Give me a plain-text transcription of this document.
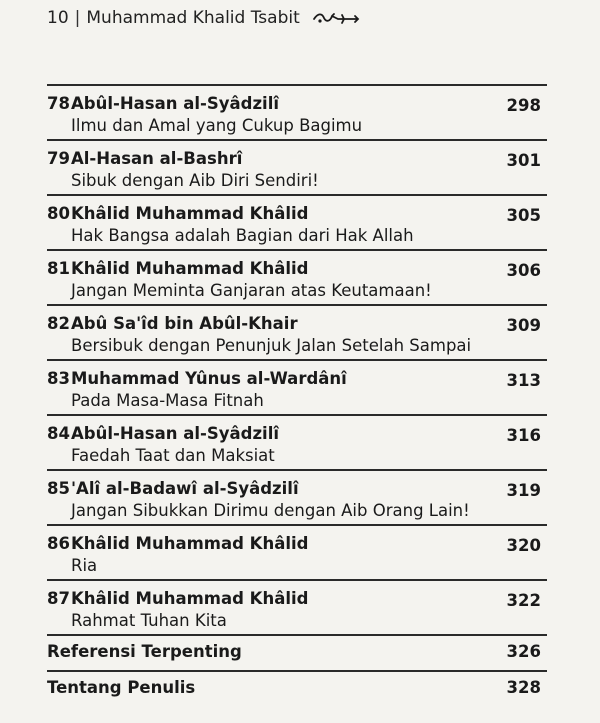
10 | Muhammad Khalid Tsabit
78Abûl-Hasan al-Syâdzilî
Ilmu dan Amal yang Cukup Bagimu
298
79Al-Hasan al-Bashrî
Sibuk dengan Aib Diri Sendiri!
301
80Khâlid Muhammad Khâlid
Hak Bangsa adalah Bagian dari Hak Allah
305
81Khâlid Muhammad Khâlid
Jangan Meminta Ganjaran atas Keutamaan!
306
82Abû Sa'îd bin Abûl-Khair
Bersibuk dengan Penunjuk Jalan Setelah Sampai
309
83Muhammad Yûnus al-Wardânî
Pada Masa-Masa Fitnah
313
84Abûl-Hasan al-Syâdzilî
Faedah Taat dan Maksiat
316
85'Alî al-Badawî al-Syâdzilî
Jangan Sibukkan Dirimu dengan Aib Orang Lain!
319
86Khâlid Muhammad Khâlid
Ria
320
87Khâlid Muhammad Khâlid
Rahmat Tuhan Kita
322
Referensi Terpenting	326
Tentang Penulis	328
